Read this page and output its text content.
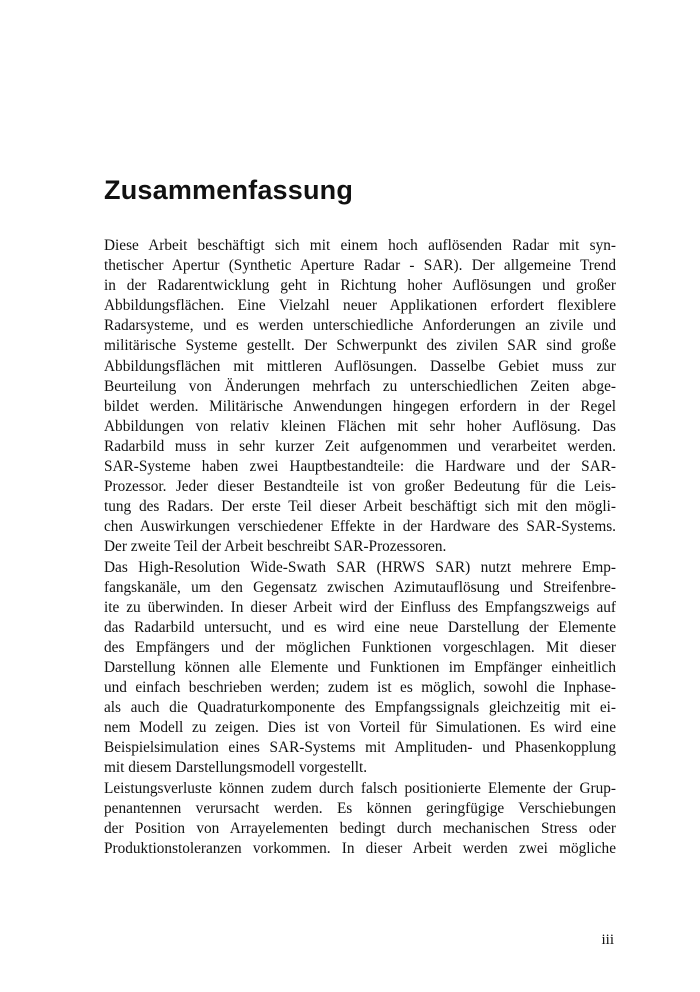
Zusammenfassung
Diese Arbeit beschäftigt sich mit einem hoch auflösenden Radar mit syn-
thetischer Apertur (Synthetic Aperture Radar - SAR). Der allgemeine Trend
in der Radarentwicklung geht in Richtung hoher Auflösungen und großer
Abbildungsflächen. Eine Vielzahl neuer Applikationen erfordert flexiblere
Radarsysteme, und es werden unterschiedliche Anforderungen an zivile und
militärische Systeme gestellt. Der Schwerpunkt des zivilen SAR sind große
Abbildungsflächen mit mittleren Auflösungen. Dasselbe Gebiet muss zur
Beurteilung von Änderungen mehrfach zu unterschiedlichen Zeiten abge-
bildet werden. Militärische Anwendungen hingegen erfordern in der Regel
Abbildungen von relativ kleinen Flächen mit sehr hoher Auflösung. Das
Radarbild muss in sehr kurzer Zeit aufgenommen und verarbeitet werden.
SAR-Systeme haben zwei Hauptbestandteile: die Hardware und der SAR-
Prozessor. Jeder dieser Bestandteile ist von großer Bedeutung für die Leis-
tung des Radars. Der erste Teil dieser Arbeit beschäftigt sich mit den mögli-
chen Auswirkungen verschiedener Effekte in der Hardware des SAR-Systems.
Der zweite Teil der Arbeit beschreibt SAR-Prozessoren.
Das High-Resolution Wide-Swath SAR (HRWS SAR) nutzt mehrere Emp-
fangskanäle, um den Gegensatz zwischen Azimutauflösung und Streifenbre-
ite zu überwinden. In dieser Arbeit wird der Einfluss des Empfangszweigs auf
das Radarbild untersucht, und es wird eine neue Darstellung der Elemente
des Empfängers und der möglichen Funktionen vorgeschlagen. Mit dieser
Darstellung können alle Elemente und Funktionen im Empfänger einheitlich
und einfach beschrieben werden; zudem ist es möglich, sowohl die Inphase-
als auch die Quadraturkomponente des Empfangssignals gleichzeitig mit ei-
nem Modell zu zeigen. Dies ist von Vorteil für Simulationen. Es wird eine
Beispielsimulation eines SAR-Systems mit Amplituden- und Phasenkopplung
mit diesem Darstellungsmodell vorgestellt.
Leistungsverluste können zudem durch falsch positionierte Elemente der Grup-
penantennen verursacht werden. Es können geringfügige Verschiebungen
der Position von Arrayelementen bedingt durch mechanischen Stress oder
Produktionstoleranzen vorkommen. In dieser Arbeit werden zwei mögliche
iii
